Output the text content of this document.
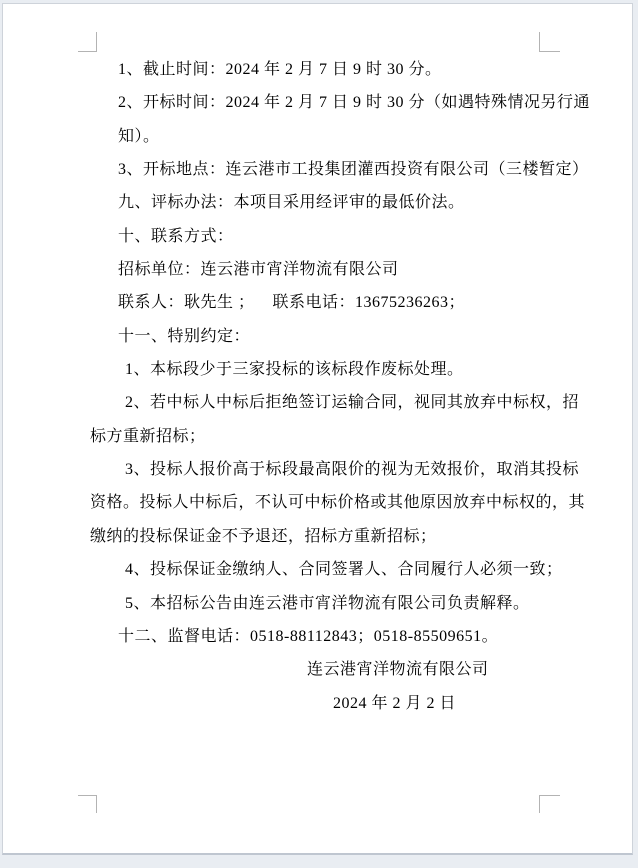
1、截止时间：2024 年 2 月 7 日 9 时 30 分。
2、开标时间：2024 年 2 月 7 日 9 时 30 分（如遇特殊情况另行通
知）。
3、开标地点：连云港市工投集团灌西投资有限公司（三楼暂定）
九、评标办法：本项目采用经评审的最低价法。
十、联系方式：
招标单位：连云港市宵洋物流有限公司
联系人：耿先生 ；    联系电话：13675236263；
十一、特别约定：
1、本标段少于三家投标的该标段作废标处理。
2、若中标人中标后拒绝签订运输合同，视同其放弃中标权，招
标方重新招标；
3、投标人报价高于标段最高限价的视为无效报价，取消其投标
资格。投标人中标后，不认可中标价格或其他原因放弃中标权的，其
缴纳的投标保证金不予退还，招标方重新招标；
4、投标保证金缴纳人、合同签署人、合同履行人必须一致；
5、本招标公告由连云港市宵洋物流有限公司负责解释。
十二、监督电话：0518-88112843；0518-85509651。
连云港宵洋物流有限公司
2024 年 2 月 2 日
